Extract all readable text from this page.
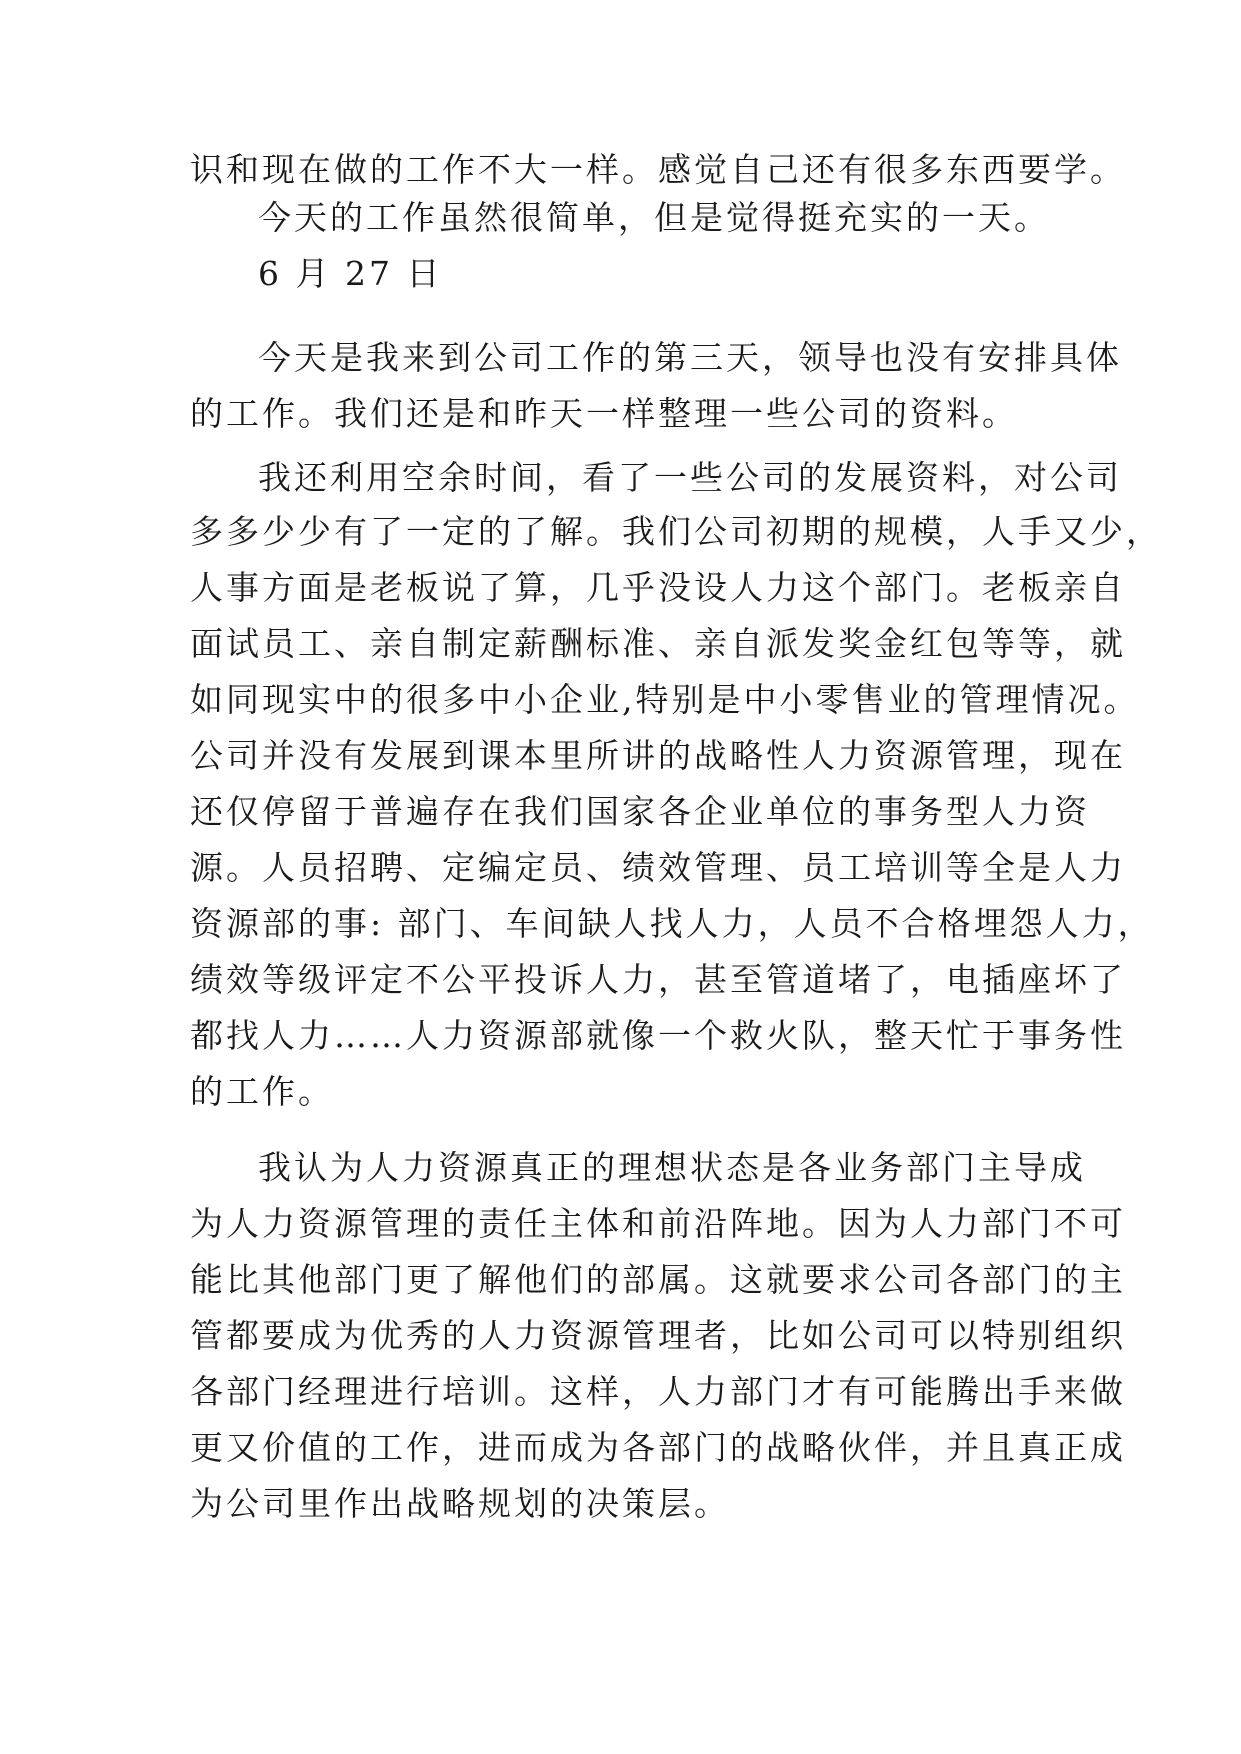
识和现在做的工作不大一样。感觉自己还有很多东西要学。
今天的工作虽然很简单，但是觉得挺充实的一天。
6 月 27 日
今天是我来到公司工作的第三天，领导也没有安排具体
的工作。我们还是和昨天一样整理一些公司的资料。
我还利用空余时间，看了一些公司的发展资料，对公司
多多少少有了一定的了解。我们公司初期的规模，人手又少，
人事方面是老板说了算，几乎没设人力这个部门。老板亲自
面试员工、亲自制定薪酬标准、亲自派发奖金红包等等，就
如同现实中的很多中小企业,特别是中小零售业的管理情况。
公司并没有发展到课本里所讲的战略性人力资源管理，现在
还仅停留于普遍存在我们国家各企业单位的事务型人力资
源。人员招聘、定编定员、绩效管理、员工培训等全是人力
资源部的事: 部门、车间缺人找人力，人员不合格埋怨人力，
绩效等级评定不公平投诉人力，甚至管道堵了，电插座坏了
都找人力……人力资源部就像一个救火队，整天忙于事务性
的工作。
我认为人力资源真正的理想状态是各业务部门主导成
为人力资源管理的责任主体和前沿阵地。因为人力部门不可
能比其他部门更了解他们的部属。这就要求公司各部门的主
管都要成为优秀的人力资源管理者，比如公司可以特别组织
各部门经理进行培训。这样，人力部门才有可能腾出手来做
更又价值的工作，进而成为各部门的战略伙伴，并且真正成
为公司里作出战略规划的决策层。
